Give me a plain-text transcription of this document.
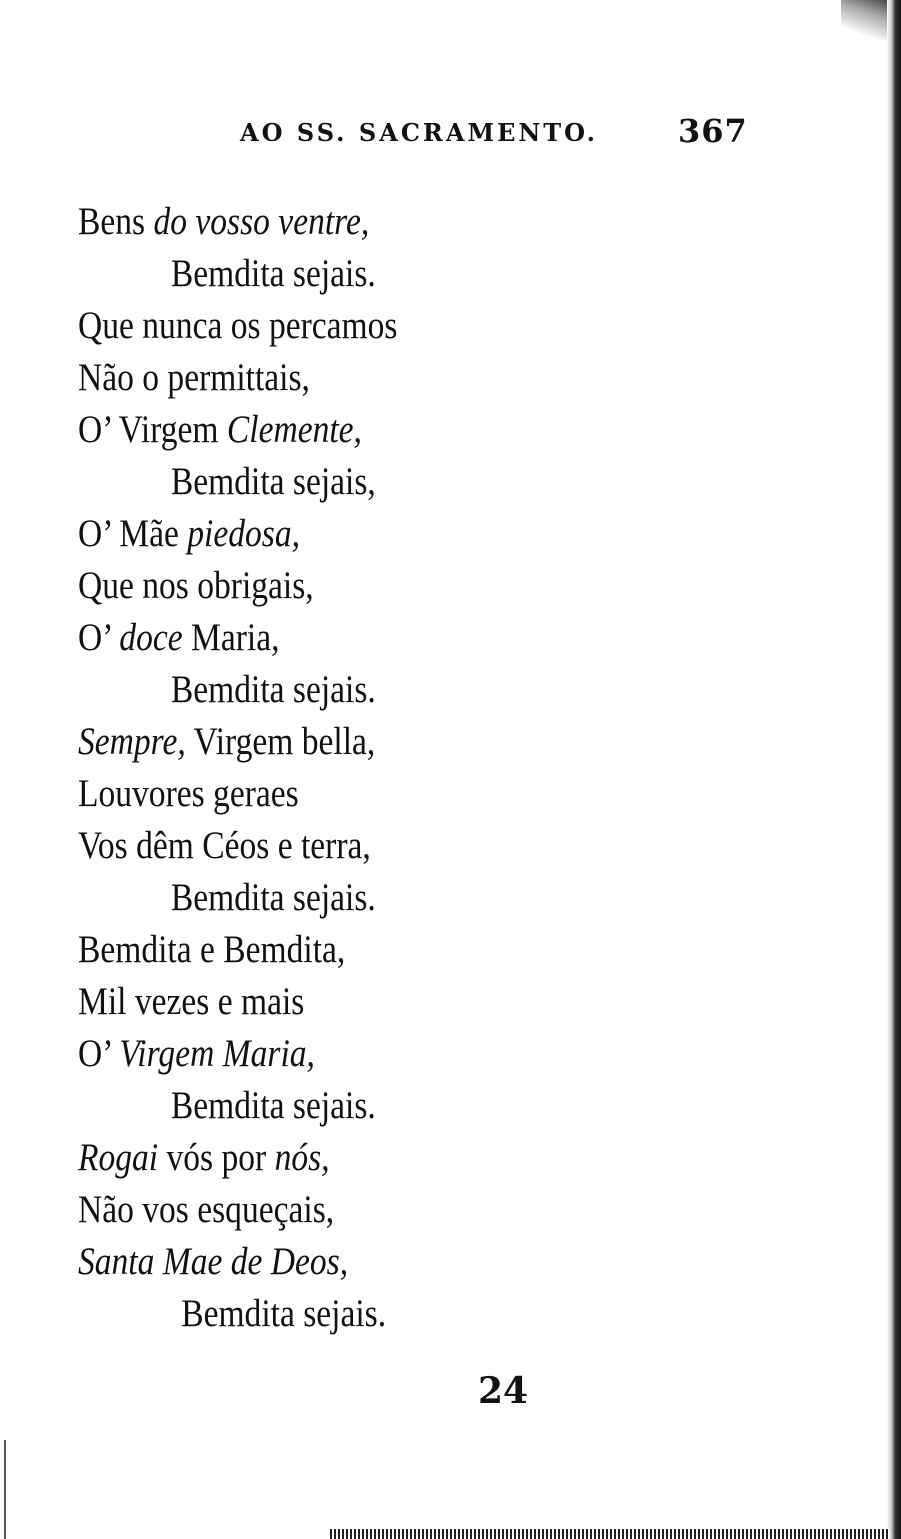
AO SS. SACRAMENTO. 367
Bens do vosso ventre,
Bemdita sejais.
Que nunca os percamos
Não o permittais,
O’ Virgem Clemente,
Bemdita sejais,
O’ Mãe piedosa,
Que nos obrigais,
O’ doce Maria,
Bemdita sejais.
Sempre, Virgem bella,
Louvores geraes
Vos dêm Céos e terra,
Bemdita sejais.
Bemdita e Bemdita,
Mil vezes e mais
O’ Virgem Maria,
Bemdita sejais.
Rogai vós por nós,
Não vos esqueçais,
Santa Mae de Deos,
Bemdita sejais.
24
